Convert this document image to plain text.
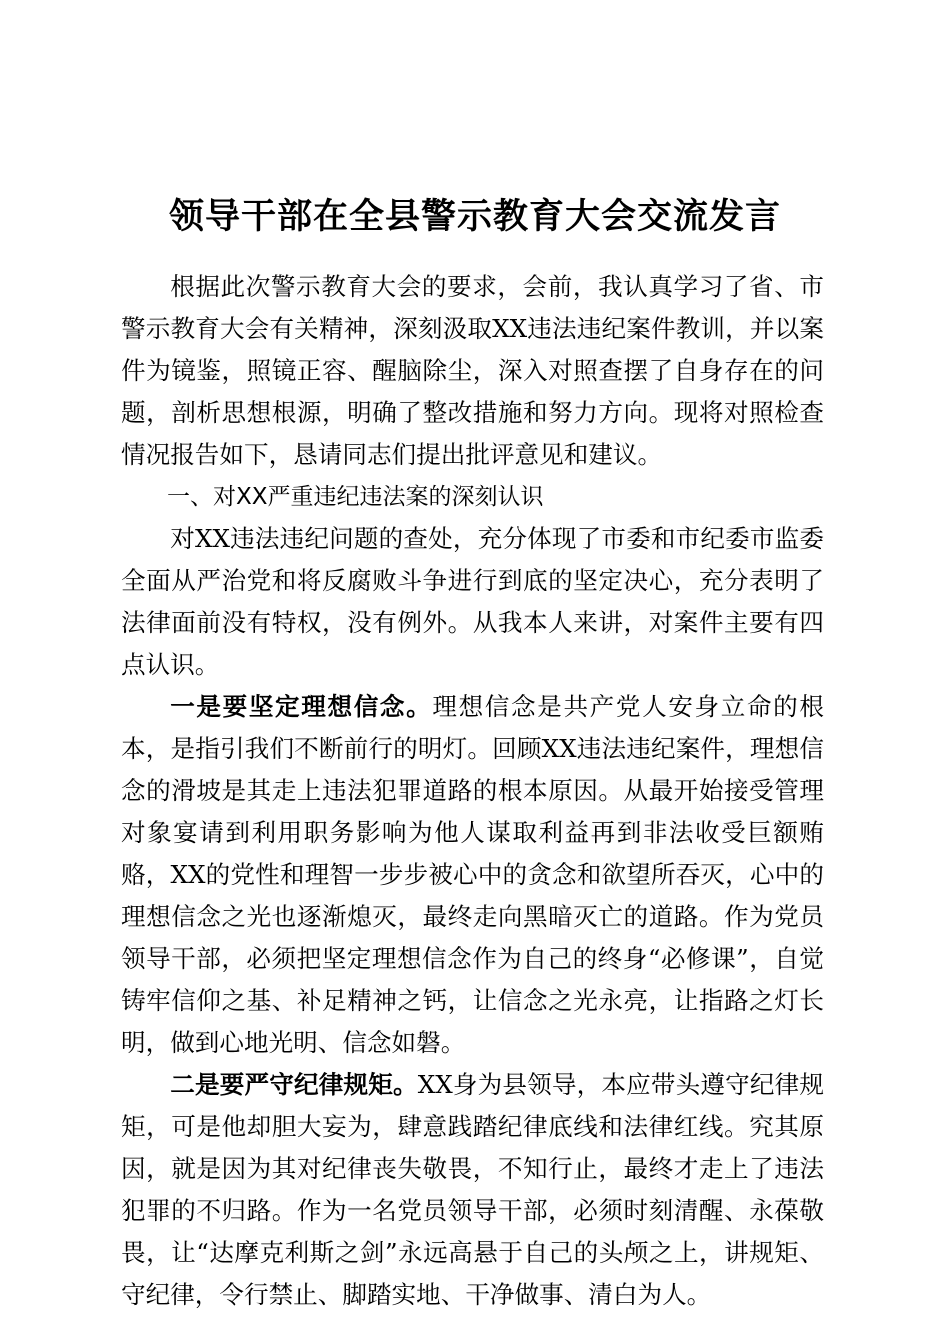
领导干部在全县警示教育大会交流发言

根据此次警示教育大会的要求，会前，我认真学习了省、市警示教育大会有关精神，深刻汲取XX违法违纪案件教训，并以案件为镜鉴，照镜正容、醒脑除尘，深入对照查摆了自身存在的问题，剖析思想根源，明确了整改措施和努力方向。现将对照检查情况报告如下，恳请同志们提出批评意见和建议。

一、对XX严重违纪违法案的深刻认识

对XX违法违纪问题的查处，充分体现了市委和市纪委市监委全面从严治党和将反腐败斗争进行到底的坚定决心，充分表明了法律面前没有特权，没有例外。从我本人来讲，对案件主要有四点认识。

一是要坚定理想信念。理想信念是共产党人安身立命的根本，是指引我们不断前行的明灯。回顾XX违法违纪案件，理想信念的滑坡是其走上违法犯罪道路的根本原因。从最开始接受管理对象宴请到利用职务影响为他人谋取利益再到非法收受巨额贿赂，XX的党性和理智一步步被心中的贪念和欲望所吞灭，心中的理想信念之光也逐渐熄灭，最终走向黑暗灭亡的道路。作为党员领导干部，必须把坚定理想信念作为自己的终身“必修课”，自觉铸牢信仰之基、补足精神之钙，让信念之光永亮，让指路之灯长明，做到心地光明、信念如磐。

二是要严守纪律规矩。XX身为县领导，本应带头遵守纪律规矩，可是他却胆大妄为，肆意践踏纪律底线和法律红线。究其原因，就是因为其对纪律丧失敬畏，不知行止，最终才走上了违法犯罪的不归路。作为一名党员领导干部，必须时刻清醒、永葆敬畏，让“达摩克利斯之剑”永远高悬于自己的头颅之上，讲规矩、守纪律，令行禁止、脚踏实地、干净做事、清白为人。
